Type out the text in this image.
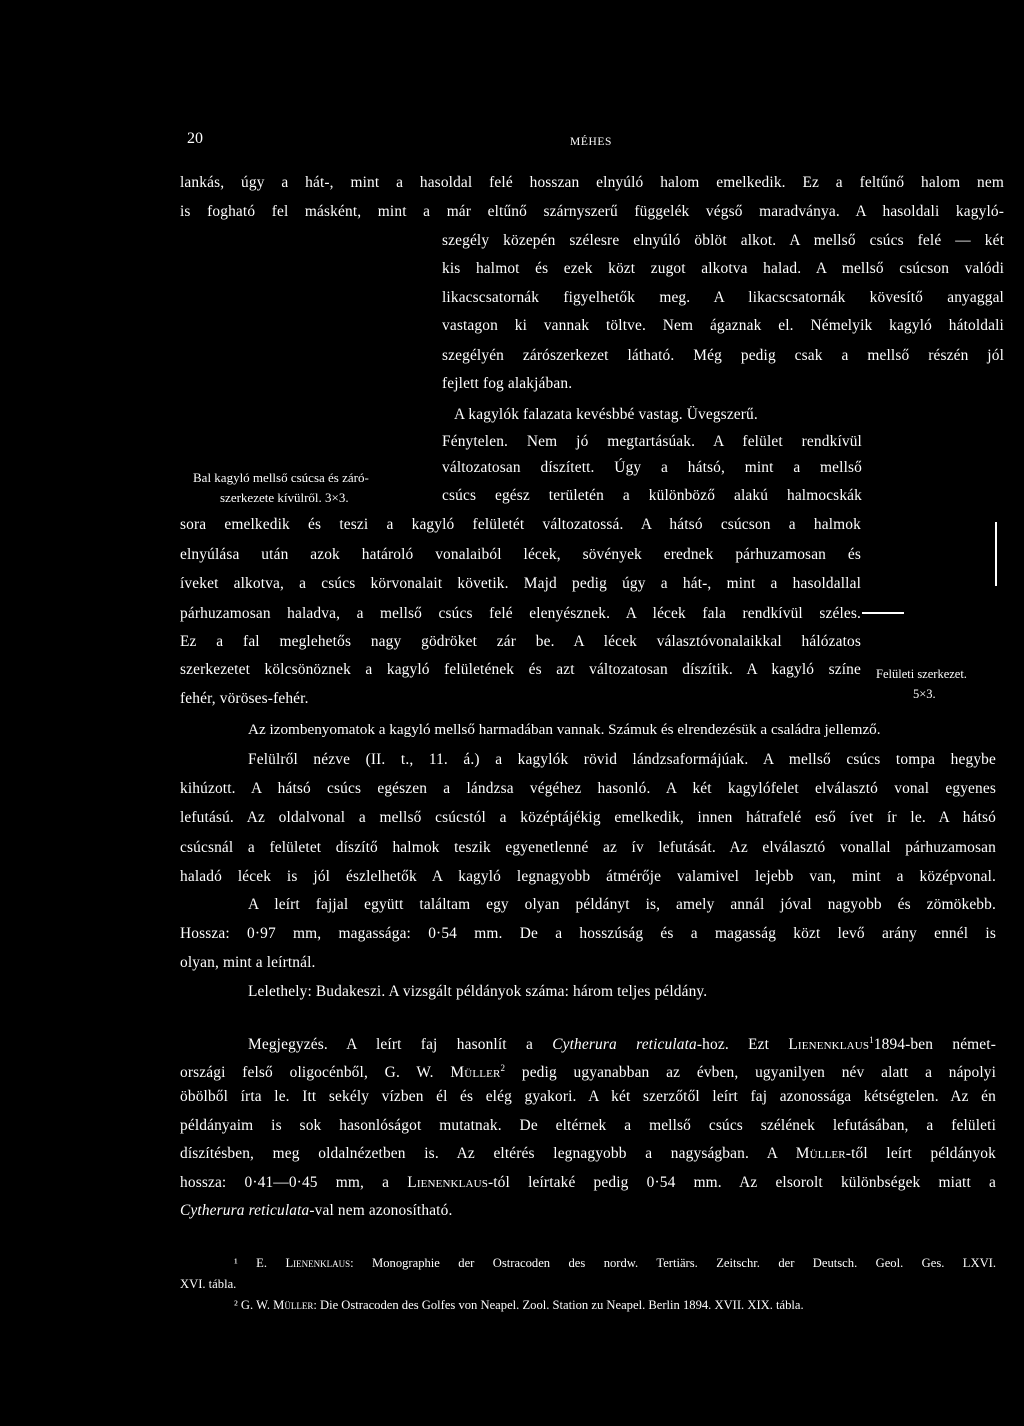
20	MÉHES
lankás, úgy a hát-, mint a hasoldal felé hosszan elnyúló halom emelkedik. Ez a feltűnő halom nem
is fogható fel másként, mint a már eltűnő szárnyszerű függelék végső maradványa. A hasoldali kagyló-
szegély közepén szélesre elnyúló öblöt alkot. A mellső csúcs felé — két
kis halmot és ezek közt zugot alkotva halad. A mellső csúcson valódi
likacscsatornák figyelhetők meg. A likacscsatornák kövesítő anyaggal
vastagon ki vannak töltve. Nem ágaznak el. Némelyik kagyló hátoldali
szegélyén zárószerkezet látható. Még pedig csak a mellső részén jól
fejlett fog alakjában.
A kagylók falazata kevésbbé vastag. Üvegszerű.
Fénytelen. Nem jó megtartásúak. A felület rendkívül
változatosan díszített. Úgy a hátsó, mint a mellső
csúcs egész területén a különböző alakú halmocskák
sora emelkedik és teszi a kagyló felületét változatossá. A hátsó csúcson a halmok
elnyúlása után azok határoló vonalaiból lécek, sövények erednek párhuzamosan és
íveket alkotva, a csúcs körvonalait követik. Majd pedig úgy a hát-, mint a hasoldallal
párhuzamosan haladva, a mellső csúcs felé elenyésznek. A lécek fala rendkívül széles.
Ez a fal meglehetős nagy gödröket zár be. A lécek választóvonalaikkal hálózatos
szerkezetet kölcsönöznek a kagyló felületének és azt változatosan díszítik. A kagyló színe
fehér, vöröses-fehér.
Bal kagyló mellső csúcsa és záró-
szerkezete kívülről. 3×3.
Felületi szerkezet.
5×3.
Az izombenyomatok a kagyló mellső harmadában vannak. Számuk és elrendezésük a családra jellemző.
Felülről nézve (II. t., 11. á.) a kagylók rövid lándzsaformájúak. A mellső csúcs tompa hegybe
kihúzott. A hátsó csúcs egészen a lándzsa végéhez hasonló. A két kagylófelet elválasztó vonal egyenes
lefutású. Az oldalvonal a mellső csúcstól a középtájékig emelkedik, innen hátrafelé eső ívet ír le. A hátsó
csúcsnál a felületet díszítő halmok teszik egyenetlenné az ív lefutását. Az elválasztó vonallal párhuzamosan
haladó lécek is jól észlelhetők A kagyló legnagyobb átmérője valamivel lejebb van, mint a középvonal.
A leírt fajjal együtt találtam egy olyan példányt is, amely annál jóval nagyobb és zömökebb.
Hossza: 0·97 mm, magassága: 0·54 mm. De a hosszúság és a magasság közt levő arány ennél is
olyan, mint a leírtnál.
Lelethely: Budakeszi. A vizsgált példányok száma: három teljes példány.
Megjegyzés. A leírt faj hasonlít a Cytherura reticulata-hoz. Ezt Lienenklaus$^1$1894-ben német-
országi felső oligocénből, G. W. Müller$^2$ pedig ugyanabban az évben, ugyanilyen név alatt a nápolyi
öbölből írta le. Itt sekély vízben él és elég gyakori. A két szerzőtől leírt faj azonossága kétségtelen. Az én
példányaim is sok hasonlóságot mutatnak. De eltérnek a mellső csúcs szélének lefutásában, a felületi
díszítésben, meg oldalnézetben is. Az eltérés legnagyobb a nagyságban. A Müller-től leírt példányok
hossza: 0·41—0·45 mm, a Lienenklaus-tól leírtaké pedig 0·54 mm. Az elsorolt különbségek miatt a
Cytherura reticulata-val nem azonosítható.
¹ E. Lienenklaus: Monographie der Ostracoden des nordw. Tertiärs. Zeitschr. der Deutsch. Geol. Ges. LXVI.
XVI. tábla.
² G. W. Müller: Die Ostracoden des Golfes von Neapel. Zool. Station zu Neapel. Berlin 1894. XVII. XIX. tábla.
